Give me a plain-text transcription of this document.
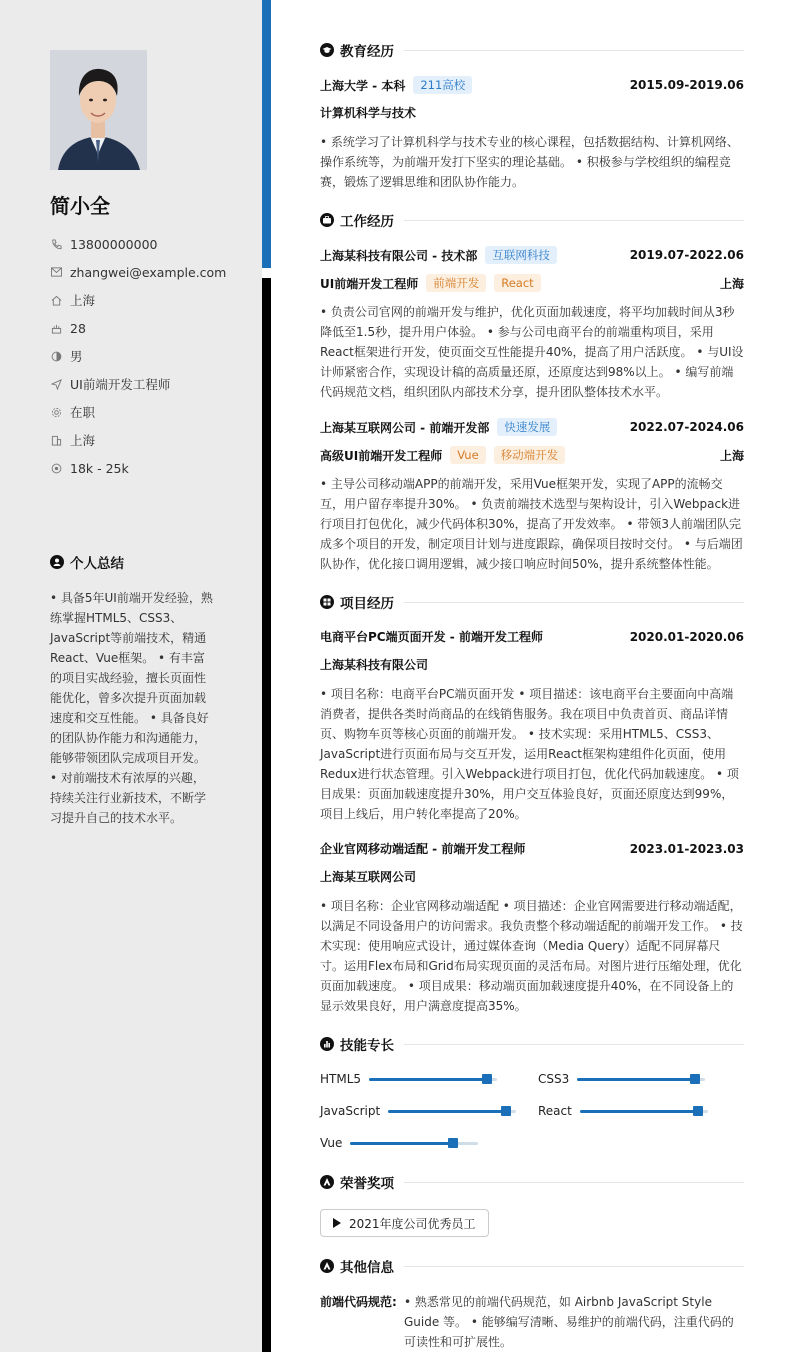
简小全
13800000000
zhangwei@example.com
上海
28
男
UI前端开发工程师
在职
上海
18k - 25k
个人总结
• 具备5年UI前端开发经验，熟练掌握HTML5、CSS3、JavaScript等前端技术，精通React、Vue框架。 • 有丰富的项目实战经验，擅长页面性能优化，曾多次提升页面加载速度和交互性能。 • 具备良好的团队协作能力和沟通能力，能够带领团队完成项目开发。 • 对前端技术有浓厚的兴趣，持续关注行业新技术，不断学习提升自己的技术水平。
教育经历
上海大学 - 本科	211高校	2015.09-2019.06
计算机科学与技术
• 系统学习了计算机科学与技术专业的核心课程，包括数据结构、计算机网络、操作系统等，为前端开发打下坚实的理论基础。 • 积极参与学校组织的编程竞赛，锻炼了逻辑思维和团队协作能力。
工作经历
上海某科技有限公司 - 技术部	互联网科技	2019.07-2022.06
UI前端开发工程师	前端开发	React	上海
• 负责公司官网的前端开发与维护，优化页面加载速度，将平均加载时间从3秒降低至1.5秒，提升用户体验。 • 参与公司电商平台的前端重构项目，采用React框架进行开发，使页面交互性能提升40%，提高了用户活跃度。 • 与UI设计师紧密合作，实现设计稿的高质量还原，还原度达到98%以上。 • 编写前端代码规范文档，组织团队内部技术分享，提升团队整体技术水平。
上海某互联网公司 - 前端开发部	快速发展	2022.07-2024.06
高级UI前端开发工程师	Vue	移动端开发	上海
• 主导公司移动端APP的前端开发，采用Vue框架开发，实现了APP的流畅交互，用户留存率提升30%。 • 负责前端技术选型与架构设计，引入Webpack进行项目打包优化，减少代码体积30%，提高了开发效率。 • 带领3人前端团队完成多个项目的开发，制定项目计划与进度跟踪，确保项目按时交付。 • 与后端团队协作，优化接口调用逻辑，减少接口响应时间50%，提升系统整体性能。
项目经历
电商平台PC端页面开发 - 前端开发工程师	2020.01-2020.06
上海某科技有限公司
• 项目名称：电商平台PC端页面开发 • 项目描述：该电商平台主要面向中高端消费者，提供各类时尚商品的在线销售服务。我在项目中负责首页、商品详情页、购物车页等核心页面的前端开发。 • 技术实现：采用HTML5、CSS3、JavaScript进行页面布局与交互开发，运用React框架构建组件化页面，使用Redux进行状态管理。引入Webpack进行项目打包，优化代码加载速度。 • 项目成果：页面加载速度提升30%，用户交互体验良好，页面还原度达到99%，项目上线后，用户转化率提高了20%。
企业官网移动端适配 - 前端开发工程师	2023.01-2023.03
上海某互联网公司
• 项目名称：企业官网移动端适配 • 项目描述：企业官网需要进行移动端适配，以满足不同设备用户的访问需求。我负责整个移动端适配的前端开发工作。 • 技术实现：使用响应式设计，通过媒体查询（Media Query）适配不同屏幕尺寸。运用Flex布局和Grid布局实现页面的灵活布局。对图片进行压缩处理，优化页面加载速度。 • 项目成果：移动端页面加载速度提升40%，在不同设备上的显示效果良好，用户满意度提高35%。
技能专长
HTML5	CSS3
JavaScript	React
Vue
荣誉奖项
2021年度公司优秀员工
其他信息
前端代码规范: • 熟悉常见的前端代码规范，如 Airbnb JavaScript Style Guide 等。 • 能够编写清晰、易维护的前端代码，注重代码的可读性和可扩展性。
